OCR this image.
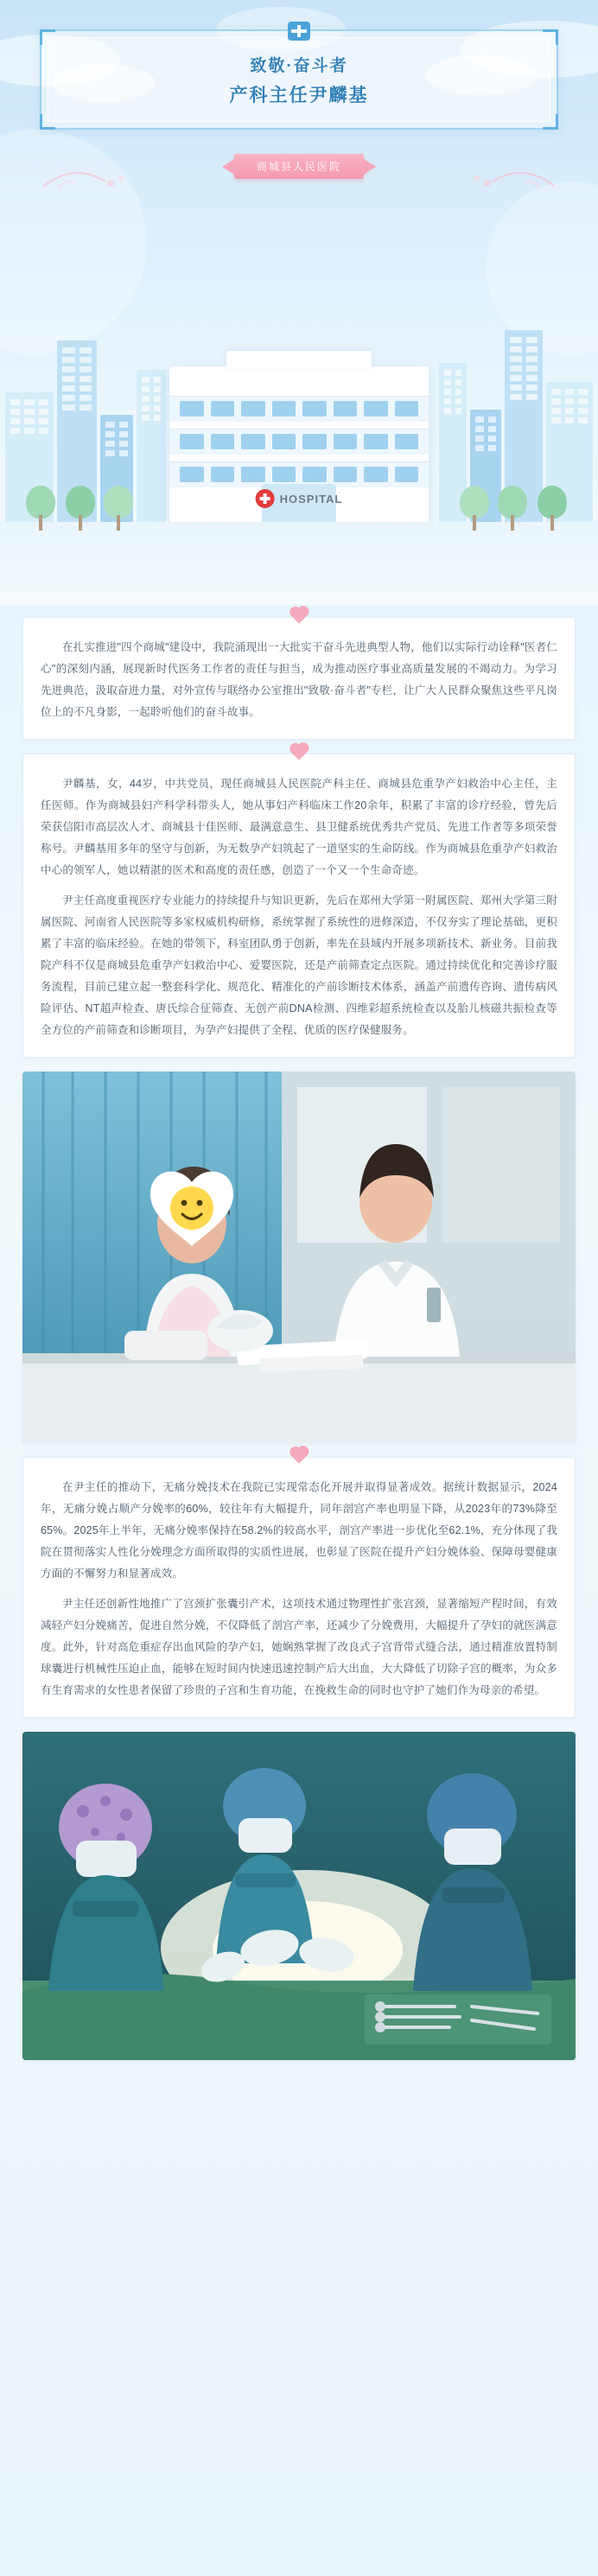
致敬·奋斗者
产科主任尹麟基
商城县人民医院
HOSPITAL

在扎实推进"四个商城"建设中，我院涌现出一大批实干奋斗先进典型人物，他们以实际行动诠释"医者仁心"的深刻内涵，展现新时代医务工作者的责任与担当，成为推动医疗事业高质量发展的不竭动力。为学习先进典范，汲取奋进力量，对外宣传与联络办公室推出"致敬·奋斗者"专栏，让广大人民群众聚焦这些平凡岗位上的不凡身影，一起聆听他们的奋斗故事。

尹麟基，女，44岁，中共党员，现任商城县人民医院产科主任、商城县危重孕产妇救治中心主任，主任医师。作为商城县妇产科学科带头人，她从事妇产科临床工作20余年，积累了丰富的诊疗经验，曾先后荣获信阳市高层次人才、商城县十佳医师、最满意意生、县卫健系统优秀共产党员、先进工作者等多项荣誉称号。尹麟基用多年的坚守与创新，为无数孕产妇筑起了一道坚实的生命防线。作为商城县危重孕产妇救治中心的领军人，她以精湛的医术和高度的责任感，创造了一个又一个生命奇迹。

尹主任高度重视医疗专业能力的持续提升与知识更新，先后在郑州大学第一附属医院、郑州大学第三附属医院、河南省人民医院等多家权威机构研修，系统掌握了系统性的进修深造，不仅夯实了理论基础，更积累了丰富的临床经验。在她的带领下，科室团队勇于创新，率先在县域内开展多项新技术、新业务。目前我院产科不仅是商城县危重孕产妇救治中心、爱婴医院，还是产前筛查定点医院。通过持续优化和完善诊疗服务流程，目前已建立起一整套科学化、规范化、精准化的产前诊断技术体系，涵盖产前遗传咨询、遗传病风险评估、NT超声检查、唐氏综合征筛查、无创产前DNA检测、四维彩超系统检查以及胎儿核磁共振检查等全方位的产前筛查和诊断项目，为孕产妇提供了全程、优质的医疗保健服务。

在尹主任的推动下，无痛分娩技术在我院已实现常态化开展并取得显著成效。据统计数据显示，2024年，无痛分娩占顺产分娩率的60%，较往年有大幅提升，同年剖宫产率也明显下降，从2023年的73%降至65%。2025年上半年，无痛分娩率保持在58.2%的较高水平，剖宫产率进一步优化至62.1%，充分体现了我院在贯彻落实人性化分娩理念方面所取得的实质性进展，也彰显了医院在提升产妇分娩体验、保障母婴健康方面的不懈努力和显著成效。

尹主任还创新性地推广了宫颈扩张囊引产术，这项技术通过物理性扩张宫颈，显著缩短产程时间，有效减轻产妇分娩痛苦，促进自然分娩，不仅降低了剖宫产率，还减少了分娩费用，大幅提升了孕妇的就医满意度。此外，针对高危重症存出血风险的孕产妇，她娴熟掌握了改良式子宫背带式缝合法，通过精准放置特制球囊进行机械性压迫止血，能够在短时间内快速迅速控制产后大出血，大大降低了切除子宫的概率，为众多有生育需求的女性患者保留了珍贵的子宫和生育功能，在挽救生命的同时也守护了她们作为母亲的希望。
